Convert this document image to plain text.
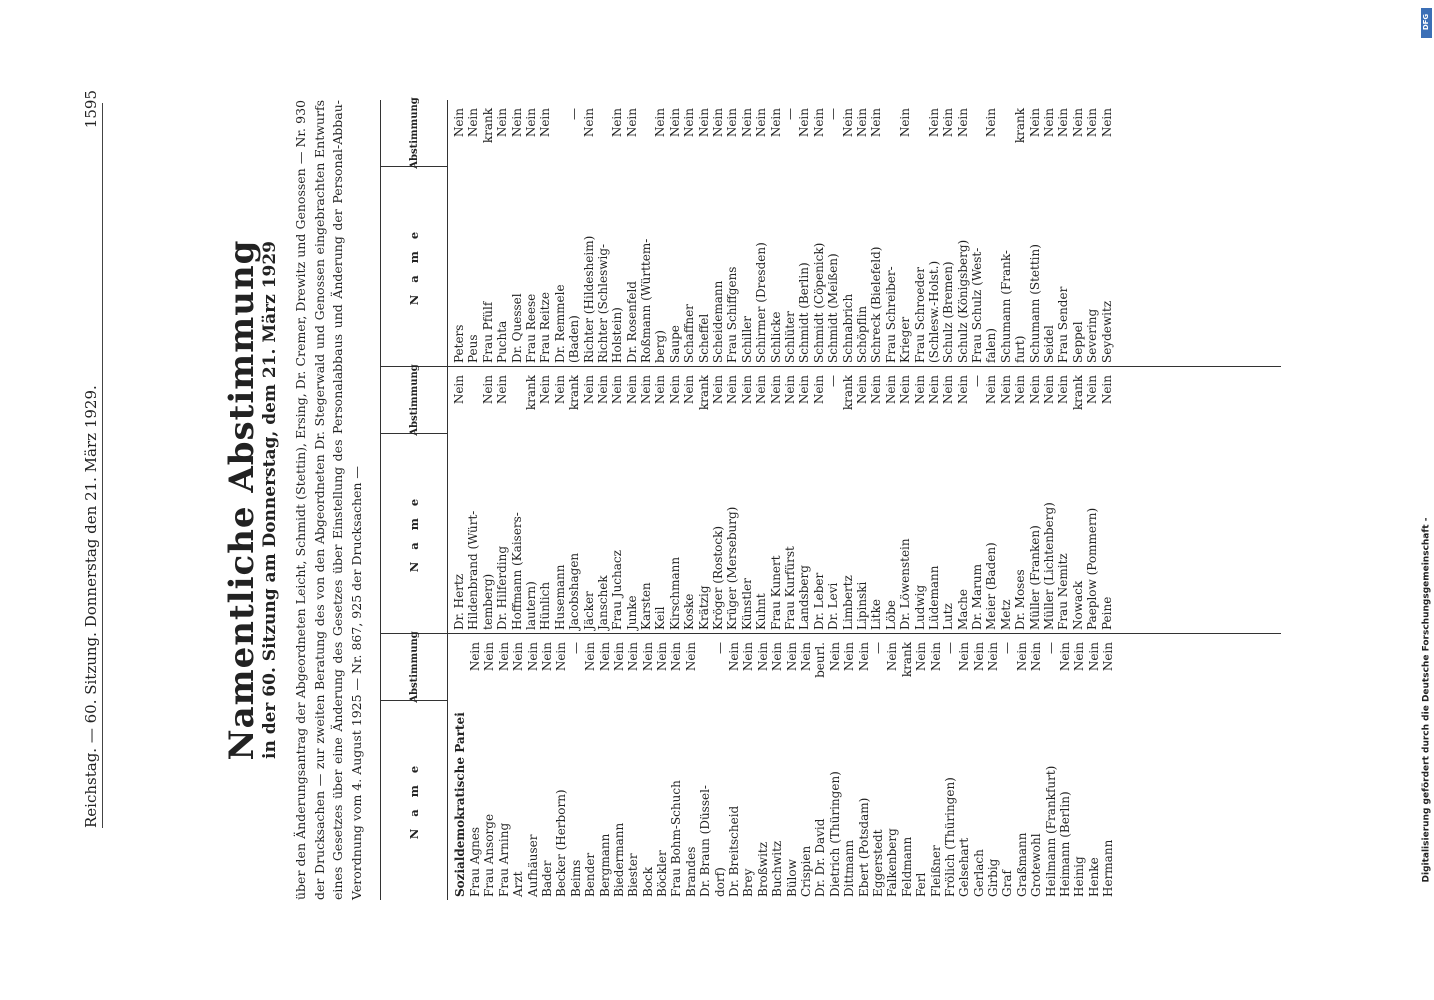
Reichstag. — 60. Sitzung. Donnerstag den 21. März 1929.
1595
Namentliche Abstimmung
in der 60. Sitzung am Donnerstag, dem 21. März 1929 über den Änderungsantrag der Abgeordneten Leicht, Schmidt (Stettin), Ersing, Dr. Cremer, Drewitz und Genossen — Nr. 930 der Drucksachen — zur zweiten Beratung des von den Abgeordneten Dr. Stegerwald und Genossen eingebrachten Entwurfs eines Gesetzes über eine Änderung des Gesetzes über Einstellung des Personalabbaus und Änderung der Personal-Abbau-Verordnung vom 4. August 1925 — Nr. 867, 925 der Drucksachen —	N a m e
Abstimmung
Sozialdemokratische Partei Frau Agnes
Nein
Frau Ansorge
Nein
Frau Arning
Nein
Arzt
Nein
Aufhäuser
Nein
Bader
Nein
Becker (Herborn)
Nein
Beims
—
Bender
Nein
Bergmann
Nein
Biedermann
Nein
Biester
Nein
Bock
Nein
Böckler
Nein
Frau Bohm-Schuch
Nein
Brandes
Nein
Dr. Braun (Düssel- dorf)
—
Dr. Breitscheid
Nein
Brey
Nein
Broßwitz
Nein
Buchwitz
Nein
Bülow
Nein
Crispien
Nein
Dr. Dr. David
beurl.
Dietrich (Thüringen)
Nein
Dittmann
Nein
Ebert (Potsdam)
Nein
Eggerstedt
—
Falkenberg
Nein
Feldmann
krank
Ferl
Nein
Fleißner
Nein
Frölich (Thüringen)
—
Gelsehart
Nein
Gerlach
Nein
Girbig
Nein
Graf
—
Graßmann
Nein
Grotewohl
Nein
Heilmann (Frankfurt)
—
Heimann (Berlin)
Nein
Heinig
Nein
Henke
Nein
Hermann
Nein
N a m e
Abstimmung
Dr. Hertz
Nein
Hildenbrand (Würt- temberg)
Nein
Dr. Hilferding
Nein
Hoffmann (Kaisers- lautern)
krank
Hünlich
Nein
Husemann
Nein
Jacobshagen
krank
Jäcker
Nein
Janschek
Nein
Frau Juchacz
Nein
Junke
Nein
Karsten
Nein
Keil
Nein
Kirschmann
Nein
Koske
Nein
Krätzig
krank
Kröger (Rostock)
Nein
Krüger (Merseburg)
Nein
Künstler
Nein
Kuhnt
Nein
Frau Kunert
Nein
Frau Kurfürst
Nein
Landsberg
Nein
Dr. Leber
Nein
Dr. Levi
—
Limbertz
krank
Lipinski
Nein
Litke
Nein
Löbe
Nein
Dr. Löwenstein
Nein
Ludwig
Nein
Lüdemann
Nein
Lutz
Nein
Mache
Nein
Dr. Marum
—
Meier (Baden)
Nein
Metz
Nein
Dr. Moses
Nein
Müller (Franken)
Nein
Müller (Lichtenberg)
Nein
Frau Nemitz
Nein
Nowack
krank
Paeplow (Pommern)
Nein
Peine
Nein
N a m e
Abstimmung
Peters
Nein
Peus
Nein
Frau Pfülf
krank
Puchta
Nein
Dr. Quessel
Nein
Frau Reese
Nein
Frau Reitze
Nein
Dr. Remmele (Baden)
—
Richter (Hildesheim)
Nein
Richter (Schleswig- Holstein)
Nein
Dr. Rosenfeld
Nein
Roßmann (Württem- berg)
Nein
Saupe
Nein
Schaffner
Nein
Scheffel
Nein
Scheidemann
Nein
Frau Schiffgens
Nein
Schiller
Nein
Schirmer (Dresden)
Nein
Schlicke
Nein
Schlüter
—
Schmidt (Berlin)
Nein
Schmidt (Cöpenick)
Nein
Schmidt (Meißen)
—
Schnabrich
Nein
Schöpflin
Nein
Schreck (Bielefeld)
Nein
Frau Schreiber- Krieger
Nein
Frau Schroeder (Schlesw.-Holst.)
Nein
Schulz (Bremen)
Nein
Schulz (Königsberg)
Nein
Frau Schulz (West- falen)
Nein
Schumann (Frank- furt)
krank
Schumann (Stettin)
Nein
Seidel
Nein
Frau Sender
Nein
Seppel
Nein
Severing
Nein
Seydewitz
Nein
DFG
Digitalisierung gefördert durch die Deutsche Forschungsgemeinschaft -
